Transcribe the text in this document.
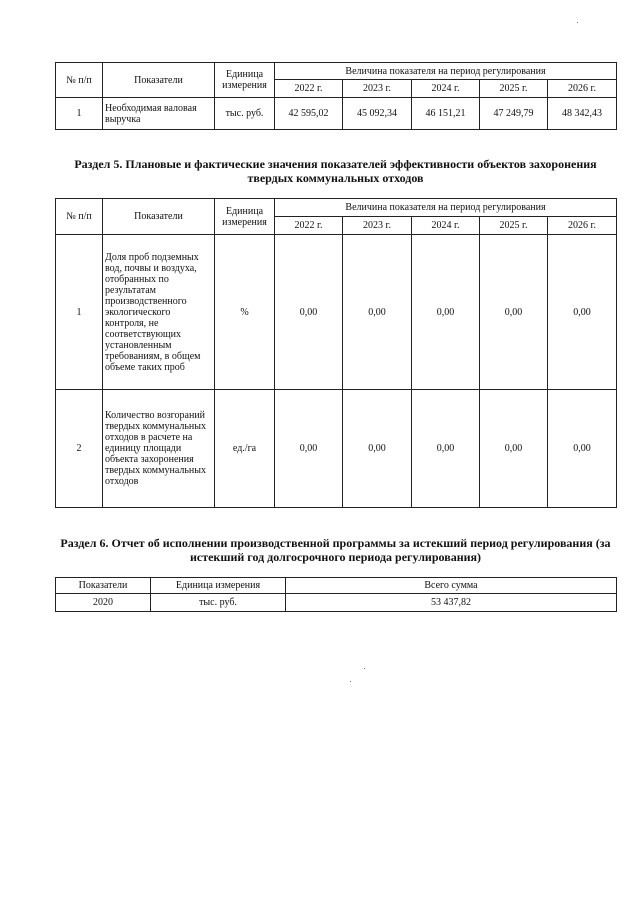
№ п/п	Показатели	Единица измерения	Величина показателя на период регулирования				
			2022 г.	2023 г.	2024 г.	2025 г.	2026 г.
1	Необходимая валовая выручка	тыс. руб.	42 595,02	45 092,34	46 151,21	47 249,79	48 342,43
Раздел 5. Плановые и фактические значения показателей эффективности объектов захоронения твердых коммунальных отходов
№ п/п	Показатели	Единица измерения	Величина показателя на период регулирования				
			2022 г.	2023 г.	2024 г.	2025 г.	2026 г.
1	Доля проб подземных вод, почвы и воздуха, отобранных по результатам производственного экологического контроля, не соответствующих установленным требованиям, в общем объеме таких проб	%	0,00	0,00	0,00	0,00	0,00
2	Количество возгораний твердых коммунальных отходов в расчете на единицу площади объекта захоронения твердых коммунальных отходов	ед./га	0,00	0,00	0,00	0,00	0,00
Раздел 6. Отчет об исполнении производственной программы за истекший период регулирования (за истекший год долгосрочного периода регулирования)
Показатели	Единица измерения	Всего сумма
2020	тыс. руб.	53 437,82
